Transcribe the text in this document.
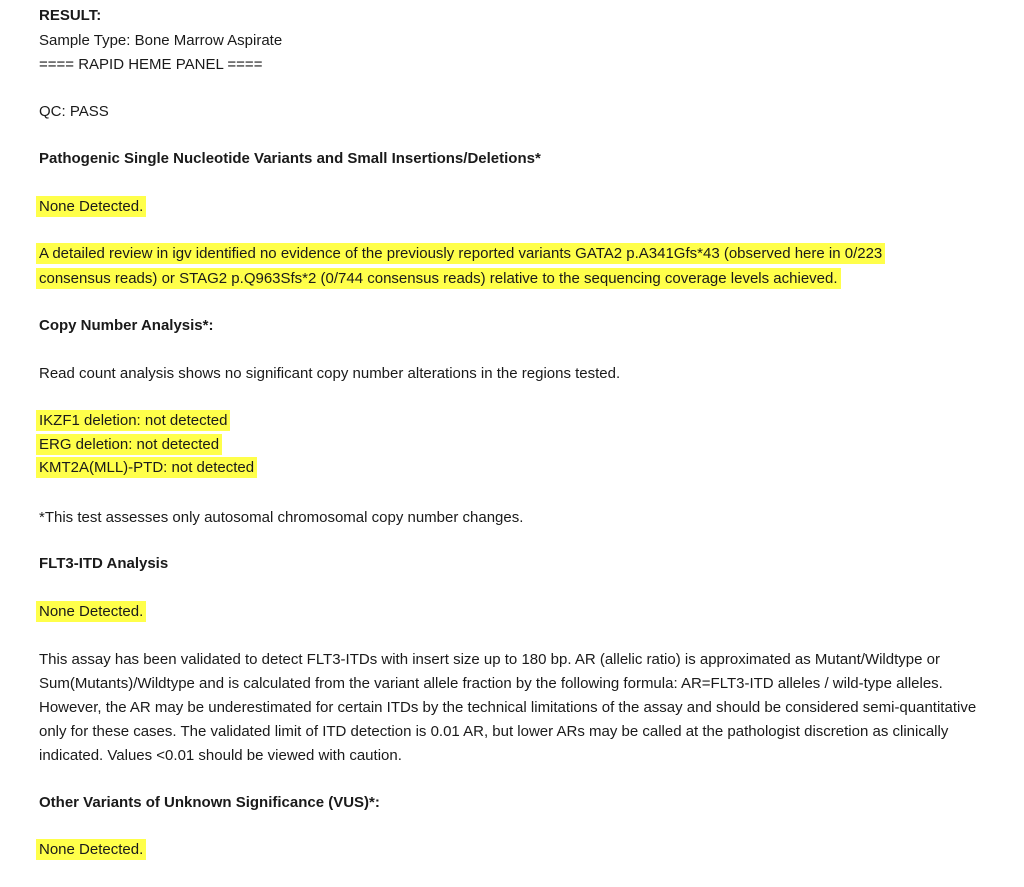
RESULT:
Sample Type: Bone Marrow Aspirate
==== RAPID HEME PANEL ====
QC: PASS
Pathogenic Single Nucleotide Variants and Small Insertions/Deletions*
None Detected.
A detailed review in igv identified no evidence of the previously reported variants GATA2 p.A341Gfs*43 (observed here in 0/223
consensus reads) or STAG2 p.Q963Sfs*2 (0/744 consensus reads) relative to the sequencing coverage levels achieved.
Copy Number Analysis*:
Read count analysis shows no significant copy number alterations in the regions tested.
IKZF1 deletion: not detected
ERG deletion: not detected
KMT2A(MLL)-PTD: not detected
*This test assesses only autosomal chromosomal copy number changes.
FLT3-ITD Analysis
None Detected.
This assay has been validated to detect FLT3-ITDs with insert size up to 180 bp. AR (allelic ratio) is approximated as Mutant/Wildtype or Sum(Mutants)/Wildtype and is calculated from the variant allele fraction by the following formula: AR=FLT3-ITD alleles / wild-type alleles. However, the AR may be underestimated for certain ITDs by the technical limitations of the assay and should be considered semi-quantitative only for these cases. The validated limit of ITD detection is 0.01 AR, but lower ARs may be called at the pathologist discretion as clinically indicated. Values <0.01 should be viewed with caution.
Other Variants of Unknown Significance (VUS)*:
None Detected.
